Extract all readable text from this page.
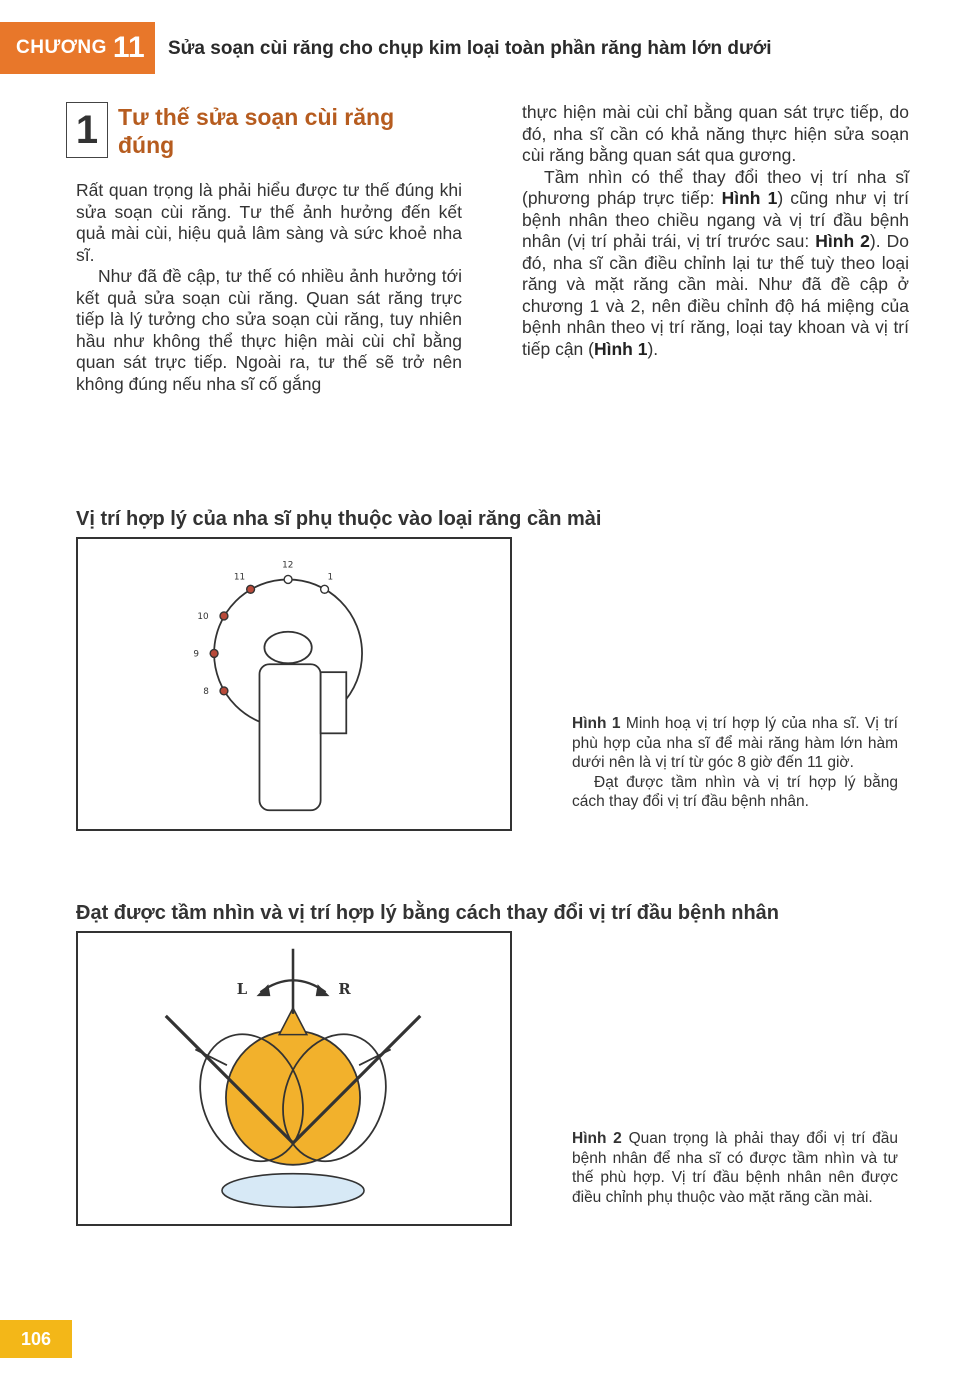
CHƯƠNG 11 Sửa soạn cùi răng cho chụp kim loại toàn phần răng hàm lớn dưới
1 Tư thế sửa soạn cùi răng đúng

Rất quan trọng là phải hiểu được tư thế đúng khi sửa soạn cùi răng. Tư thế ảnh hưởng đến kết quả mài cùi, hiệu quả lâm sàng và sức khoẻ nha sĩ.

Như đã đề cập, tư thế có nhiều ảnh hưởng tới kết quả sửa soạn cùi răng. Quan sát răng trực tiếp là lý tưởng cho sửa soạn cùi răng, tuy nhiên hầu như không thể thực hiện mài cùi chỉ bằng quan sát trực tiếp. Ngoài ra, tư thế sẽ trở nên không đúng nếu nha sĩ cố gắng

thực hiện mài cùi chỉ bằng quan sát trực tiếp, do đó, nha sĩ cần có khả năng thực hiện sửa soạn cùi răng bằng quan sát qua gương.

Tầm nhìn có thể thay đổi theo vị trí nha sĩ (phương pháp trực tiếp: Hình 1) cũng như vị trí bệnh nhân theo chiều ngang và vị trí đầu bệnh nhân (vị trí phải trái, vị trí trước sau: Hình 2). Do đó, nha sĩ cần điều chỉnh lại tư thế tuỳ theo loại răng và mặt răng cần mài. Như đã đề cập ở chương 1 và 2, nên điều chỉnh độ há miệng của bệnh nhân theo vị trí răng, loại tay khoan và vị trí tiếp cận (Hình 1).

Vị trí hợp lý của nha sĩ phụ thuộc vào loại răng cần mài
12
11	1
10
9
8

Hình 1 Minh hoạ vị trí hợp lý của nha sĩ. Vị trí phù hợp của nha sĩ để mài răng hàm lớn hàm dưới nên là vị trí từ góc 8 giờ đến 11 giờ.

Đạt được tầm nhìn và vị trí hợp lý bằng cách thay đổi vị trí đầu bệnh nhân.

Đạt được tầm nhìn và vị trí hợp lý bằng cách thay đổi vị trí đầu bệnh nhân
L	R

Hình 2 Quan trọng là phải thay đổi vị trí đầu bệnh nhân để nha sĩ có được tầm nhìn và tư thế phù hợp. Vị trí đầu bệnh nhân nên được điều chỉnh phụ thuộc vào mặt răng cần mài.

106
